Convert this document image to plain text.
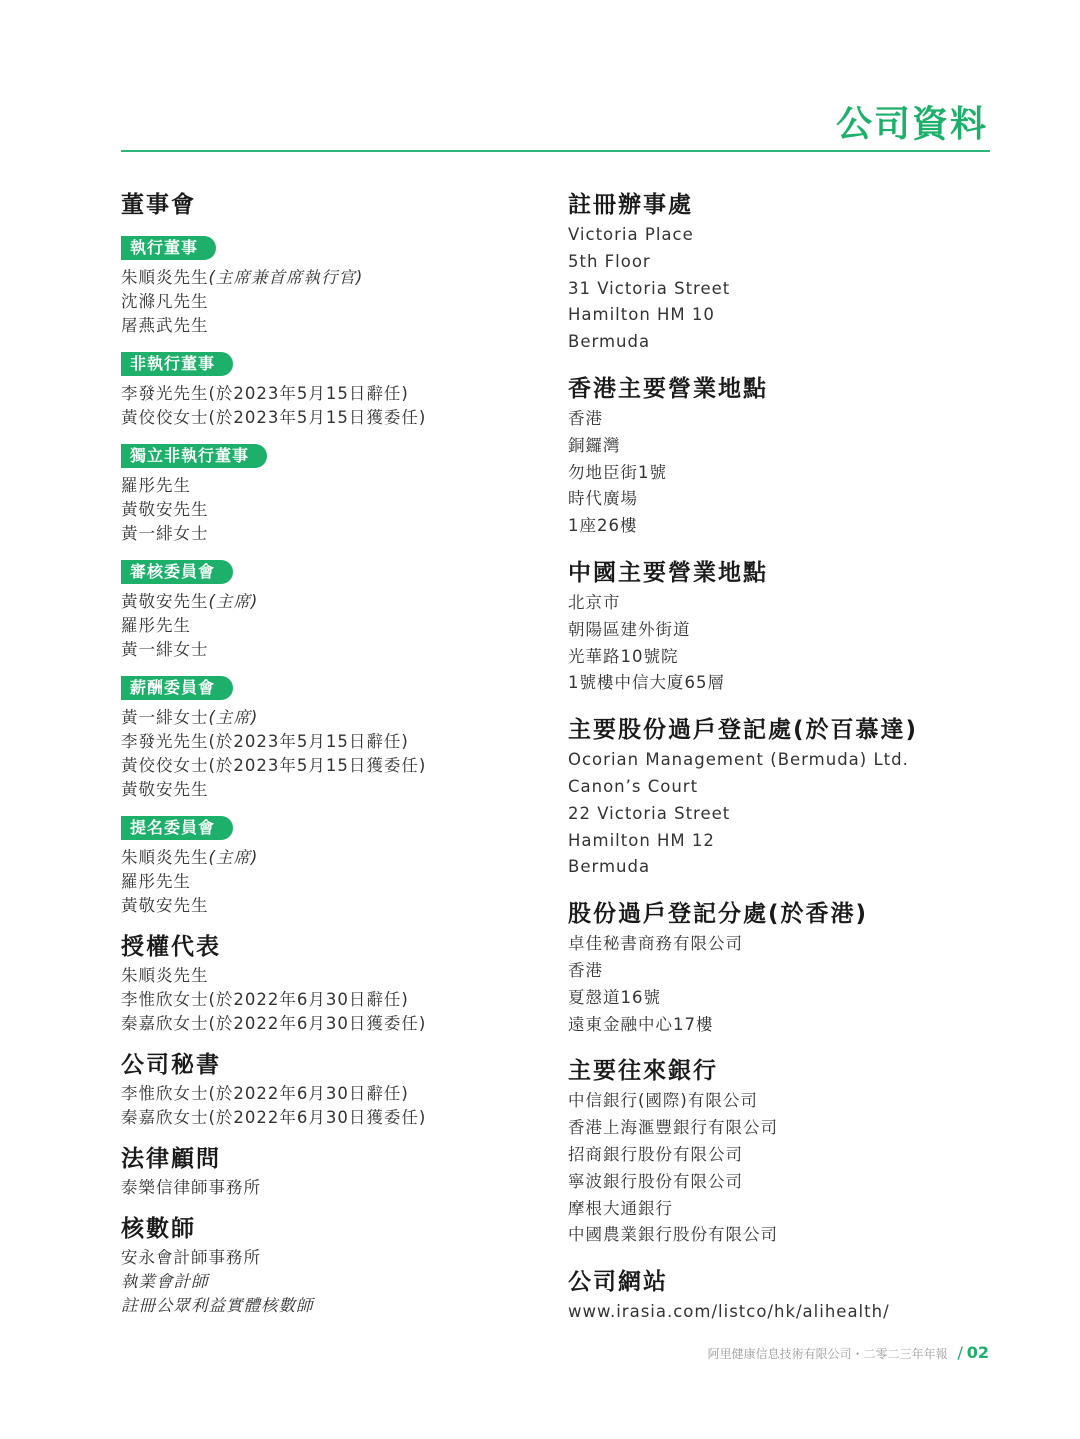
公司資料
董事會
執行董事
朱順炎先生(主席兼首席執行官)
沈滌凡先生
屠燕武先生
非執行董事
李發光先生(於2023年5月15日辭任)
黃佼佼女士(於2023年5月15日獲委任)
獨立非執行董事
羅彤先生
黃敬安先生
黃一緋女士
審核委員會
黃敬安先生(主席)
羅彤先生
黃一緋女士
薪酬委員會
黃一緋女士(主席)
李發光先生(於2023年5月15日辭任)
黃佼佼女士(於2023年5月15日獲委任)
黃敬安先生
提名委員會
朱順炎先生(主席)
羅彤先生
黃敬安先生
授權代表
朱順炎先生
李惟欣女士(於2022年6月30日辭任)
秦嘉欣女士(於2022年6月30日獲委任)
公司秘書
李惟欣女士(於2022年6月30日辭任)
秦嘉欣女士(於2022年6月30日獲委任)
法律顧問
泰樂信律師事務所
核數師
安永會計師事務所
執業會計師
註冊公眾利益實體核數師
註冊辦事處
Victoria Place
5th Floor
31 Victoria Street
Hamilton HM 10
Bermuda
香港主要營業地點
香港
銅鑼灣
勿地臣街1號
時代廣場
1座26樓
中國主要營業地點
北京市
朝陽區建外街道
光華路10號院
1號樓中信大廈65層
主要股份過戶登記處(於百慕達)
Ocorian Management (Bermuda) Ltd.
Canon’s Court
22 Victoria Street
Hamilton HM 12
Bermuda
股份過戶登記分處(於香港)
卓佳秘書商務有限公司
香港
夏慤道16號
遠東金融中心17樓
主要往來銀行
中信銀行(國際)有限公司
香港上海滙豐銀行有限公司
招商銀行股份有限公司
寧波銀行股份有限公司
摩根大通銀行
中國農業銀行股份有限公司
公司網站
www.irasia.com/listco/hk/alihealth/
阿里健康信息技術有限公司・二零二三年年報 / 02
